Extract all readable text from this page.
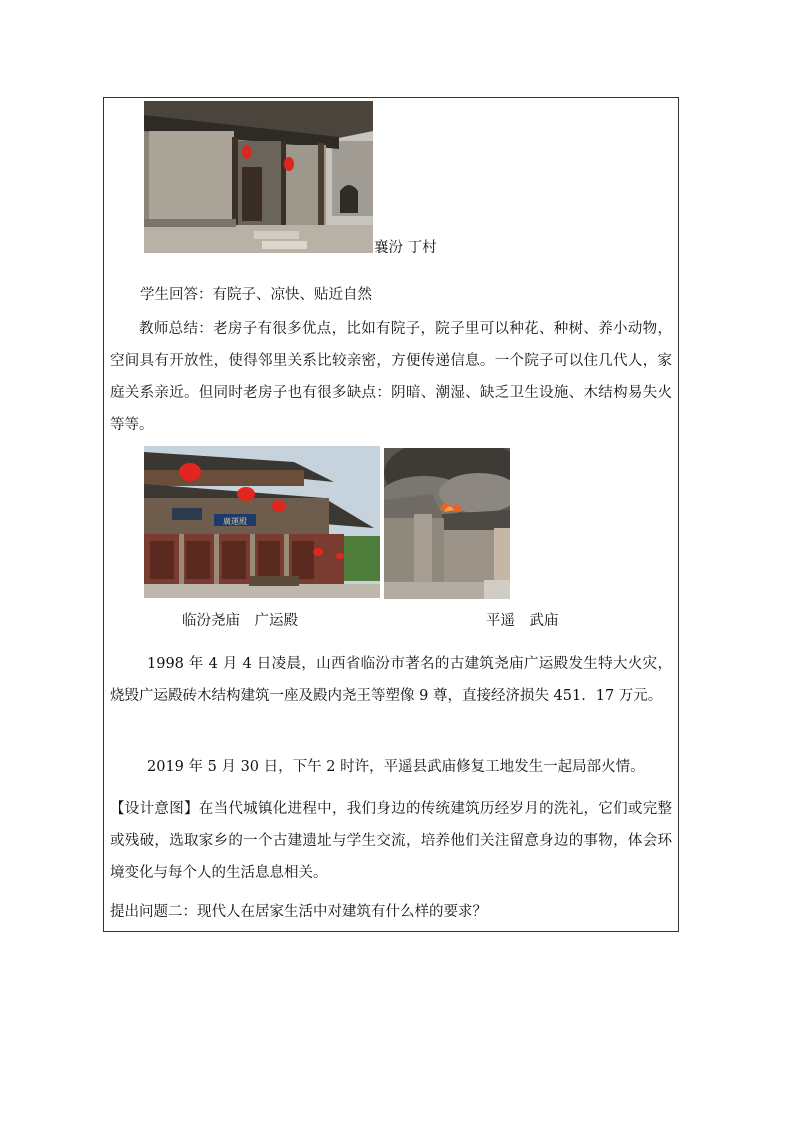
襄汾 丁村
学生回答：有院子、凉快、贴近自然
教师总结：老房子有很多优点，比如有院子，院子里可以种花、种树、养小动物，空间具有开放性，使得邻里关系比较亲密，方便传递信息。一个院子可以住几代人，家庭关系亲近。但同时老房子也有很多缺点：阴暗、潮湿、缺乏卫生设施、木结构易失火等等。
廣運殿
临汾尧庙　广运殿	平遥　武庙
1998 年 4 月 4 日凌晨，山西省临汾市著名的古建筑尧庙广运殿发生特大火灾，烧毁广运殿砖木结构建筑一座及殿内尧王等塑像 9 尊，直接经济损失 451．17 万元。
2019 年 5 月 30 日，下午 2 时许，平遥县武庙修复工地发生一起局部火情。
【设计意图】在当代城镇化进程中，我们身边的传统建筑历经岁月的洗礼，它们或完整或残破，选取家乡的一个古建遗址与学生交流，培养他们关注留意身边的事物，体会环境变化与每个人的生活息息相关。
提出问题二：现代人在居家生活中对建筑有什么样的要求？
